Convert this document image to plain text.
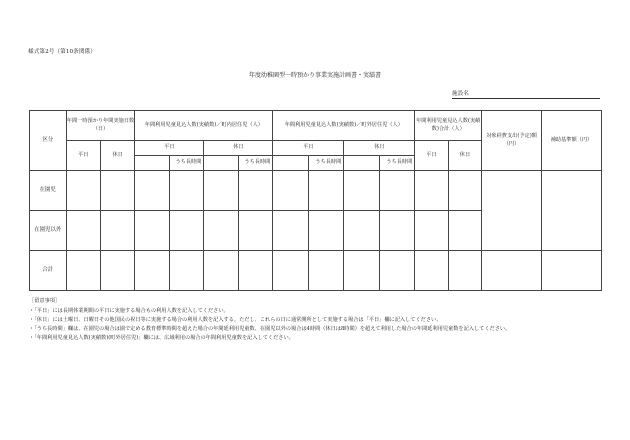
様式第2号（第10条関係）
年度幼稚園型一時預かり事業実施計画書・実績書
施設名
区分	年間一時預かり年間実施日数（日）		年間利用児童見込人数(実績数)／町内居住児（人）				年間利用児童見込人数(実績数)／町外居住児（人）				年間利用児童見込人数(実績数)合計（人）		対象経費支出(予定)額（円）	補助基準額（円）
	平日	休日	平日		休日		平日		休日		平日	休日		
				うち長時間		うち長時間		うち長時間		うち長時間				
在園児														
在園児以外														
合計														
［留意事項］
・「平日」には長期休業期間の平日に実施する場合もの利用人数を記入してください。
・「休日」には土曜日、日曜日その他国民の祝日等に実施する場合の利用人数を記入する。ただし、これらの日に通常開所として実施する場合は「平日」欄に記入してください。
・「うち長時間」欄は、在園児の場合は園で定める教育標準時間を超えた場合の年間延利用児童数、在園児以外の場合は4時間（休日は8時間）を超えて利用した場合の年間延利用児童数を記入してください。
・「年間利用児童見込人数(実績数)(町外居住児)」欄には、広域利用の場合の年間利用児童数を記入してください。
